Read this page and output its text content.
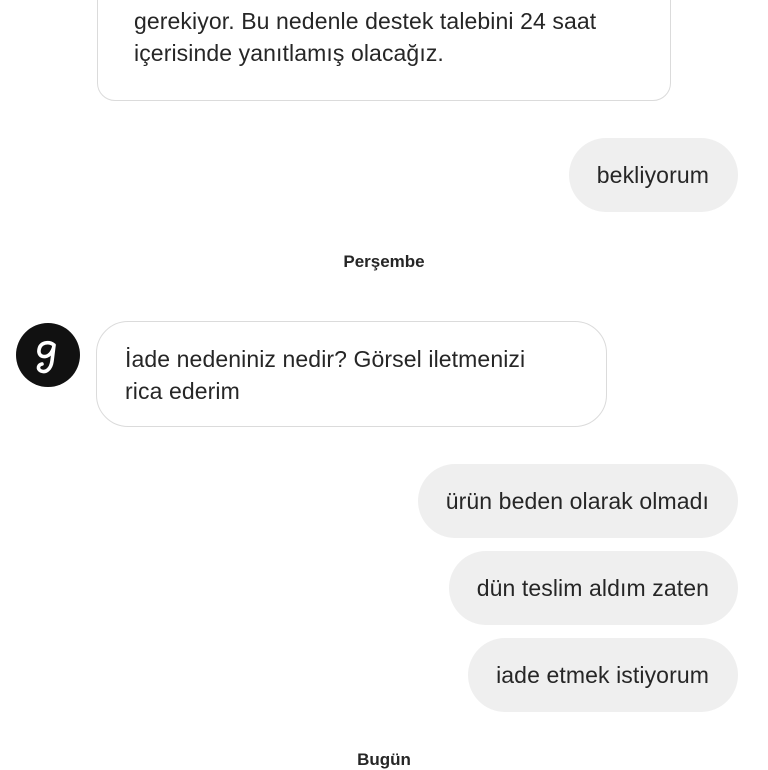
gerekiyor. Bu nedenle destek talebini 24 saat
içerisinde yanıtlamış olacağız.
bekliyorum
Perşembe
İade nedeniniz nedir? Görsel iletmenizi
rica ederim
ürün beden olarak olmadı
dün teslim aldım zaten
iade etmek istiyorum
Bugün
